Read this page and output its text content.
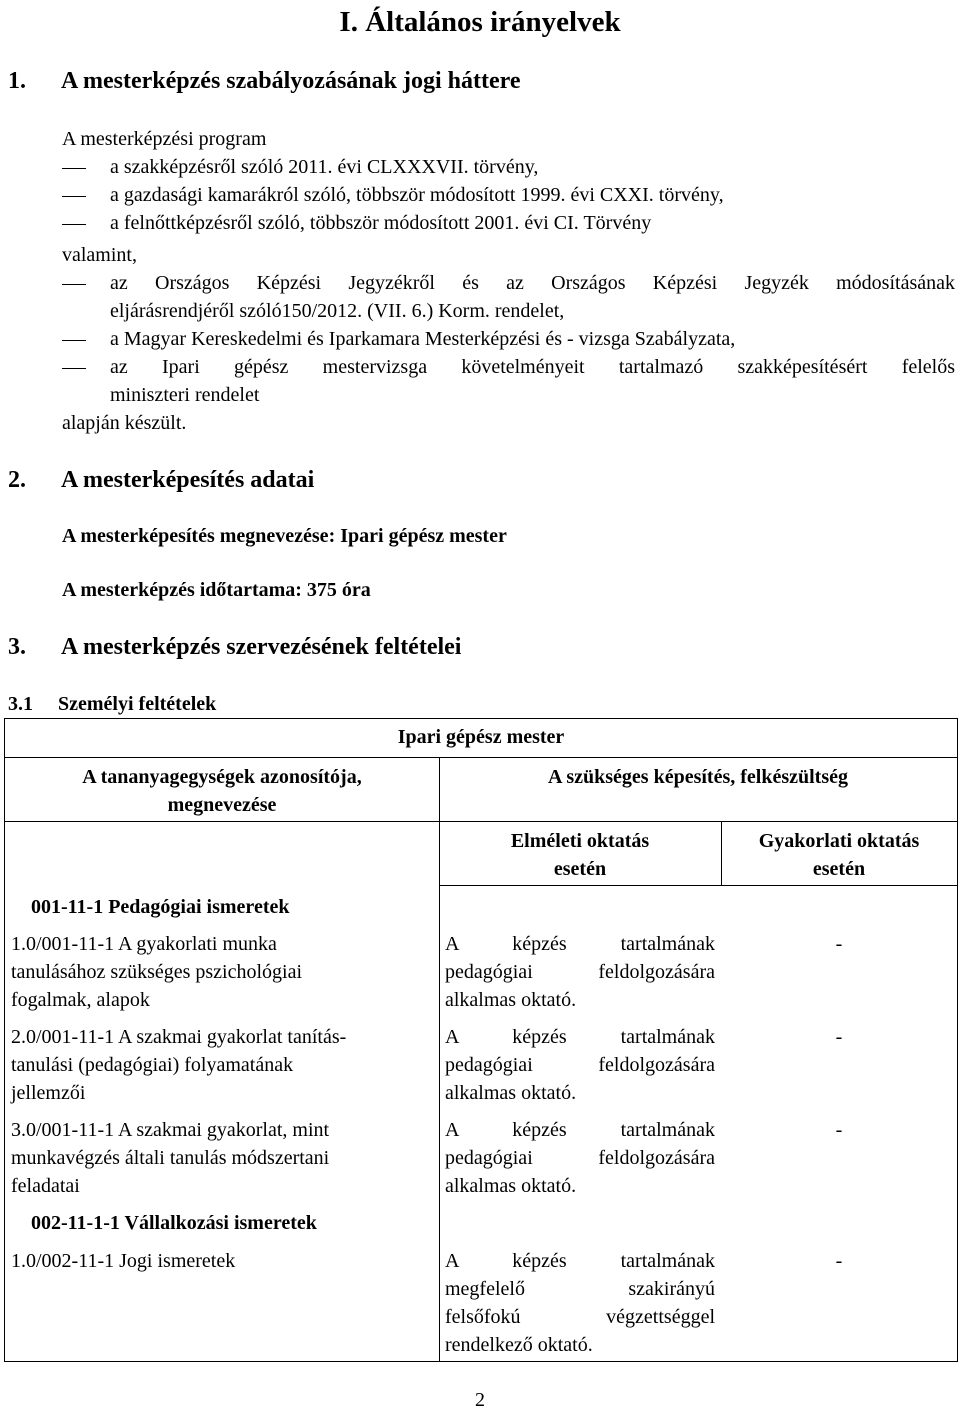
I. Általános irányelvek
1. A mesterképzés szabályozásának jogi háttere
A mesterképzési program
a szakképzésről szóló 2011. évi CLXXXVII. törvény,
a gazdasági kamarákról szóló, többször módosított 1999. évi CXXI. törvény,
a felnőttképzésről szóló, többször módosított 2001. évi CI. Törvény
valamint,
az Országos Képzési Jegyzékről és az Országos Képzési Jegyzék módosításának
eljárásrendjéről szóló150/2012. (VII. 6.) Korm. rendelet,
a Magyar Kereskedelmi és Iparkamara Mesterképzési és - vizsga Szabályzata,
az Ipari gépész mestervizsga követelményeit tartalmazó szakképesítésért felelős
miniszteri rendelet
alapján készült.
2. A mesterképesítés adatai
A mesterképesítés megnevezése: Ipari gépész mester
A mesterképzés időtartama: 375 óra
3. A mesterképzés szervezésének feltételei
3.1 Személyi feltételek
Ipari gépész mester
A tananyagegységek azonosítója,
megnevezése
A szükséges képesítés, felkészültség
Elméleti oktatás
esetén
Gyakorlati oktatás
esetén
001-11-1 Pedagógiai ismeretek
1.0/001-11-1 A gyakorlati munka
tanulásához szükséges pszichológiai
fogalmak, alapok
A képzés tartalmának
pedagógiai feldolgozására
alkalmas oktató.
-
2.0/001-11-1 A szakmai gyakorlat tanítás-
tanulási (pedagógiai) folyamatának
jellemzői
A képzés tartalmának
pedagógiai feldolgozására
alkalmas oktató.
-
3.0/001-11-1 A szakmai gyakorlat, mint
munkavégzés általi tanulás módszertani
feladatai
A képzés tartalmának
pedagógiai feldolgozására
alkalmas oktató.
-
002-11-1-1 Vállalkozási ismeretek
1.0/002-11-1 Jogi ismeretek	A képzés tartalmának
megfelelő szakirányú
felsőfokú végzettséggel
rendelkező oktató.
-
2
